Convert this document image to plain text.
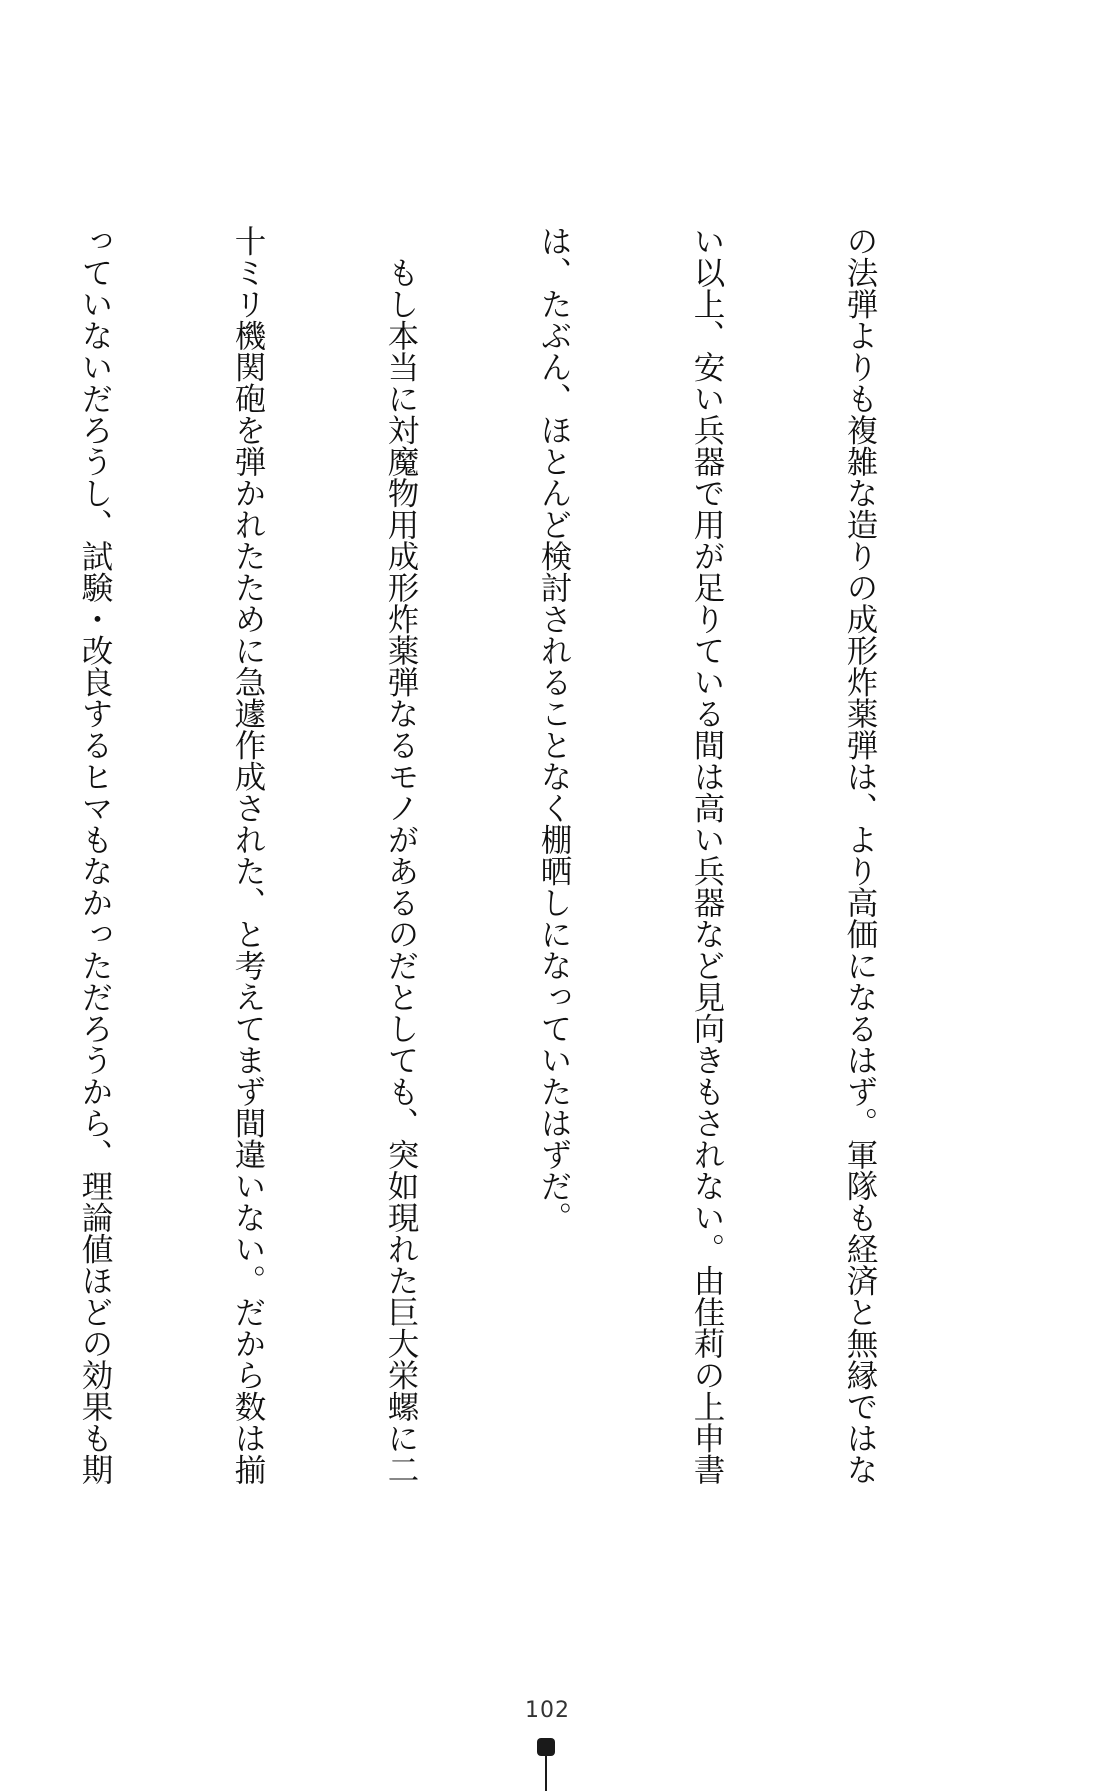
の法弾よりも複雑な造りの成形炸薬弾は、より高価になるはず。軍隊も経済と無縁ではな

い以上、安い兵器で用が足りている間は高い兵器など見向きもされない。由佳莉の上申書

は、たぶん、ほとんど検討されることなく棚晒しになっていたはずだ。

　もし本当に対魔物用成形炸薬弾なるモノがあるのだとしても、突如現れた巨大栄螺に二

十ミリ機関砲を弾かれたために急遽作成された、と考えてまず間違いない。だから数は揃

っていないだろうし、試験・改良するヒマもなかっただろうから、理論値ほどの効果も期

102
